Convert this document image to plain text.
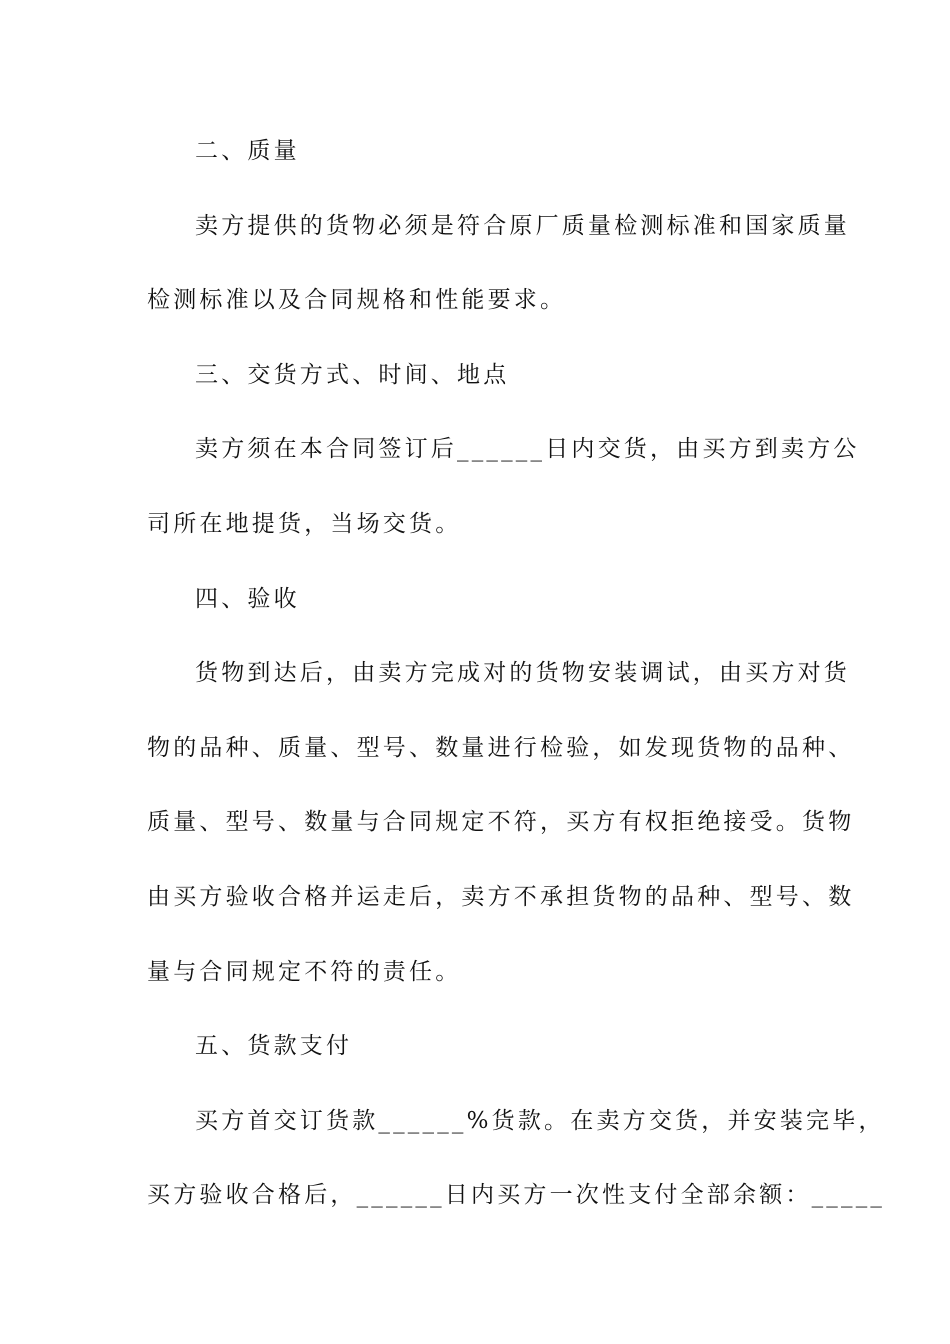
二、质量
卖方提供的货物必须是符合原厂质量检测标准和国家质量
检测标准以及合同规格和性能要求。
三、交货方式、时间、地点
卖方须在本合同签订后______日内交货，由买方到卖方公
司所在地提货，当场交货。
四、验收
货物到达后，由卖方完成对的货物安装调试，由买方对货
物的品种、质量、型号、数量进行检验，如发现货物的品种、
质量、型号、数量与合同规定不符，买方有权拒绝接受。货物
由买方验收合格并运走后，卖方不承担货物的品种、型号、数
量与合同规定不符的责任。
五、货款支付
买方首交订货款______%货款。在卖方交货，并安装完毕，
买方验收合格后，______日内买方一次性支付全部余额：_____
